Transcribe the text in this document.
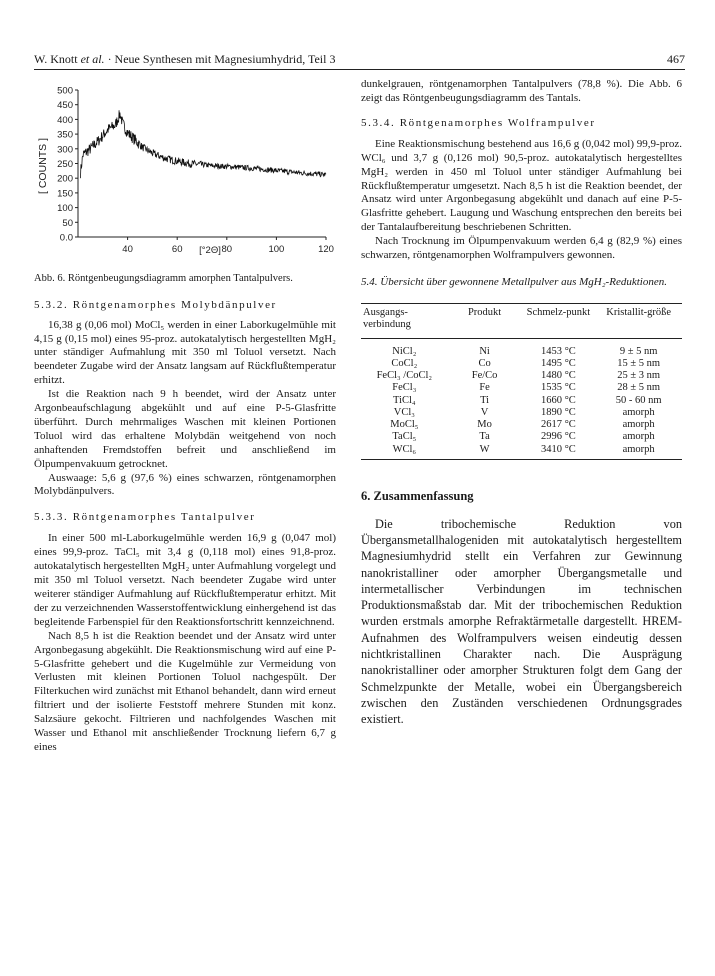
W. Knott et al. · Neue Synthesen mit Magnesiumhydrid, Teil 3	467
500
450
400
350
300
250
200
150
100
50
0.0
40	60	80	100	120
[ COUNTS ]
[°2Θ]

Abb. 6. Röntgenbeugungsdiagramm amorphen Tantalpulvers.

5.3.2. Röntgenamorphes Molybdänpulver

16,38 g (0,06 mol) MoCl₅ werden in einer Laborkugelmühle mit 4,15 g (0,15 mol) eines 95-proz. autokatalytisch hergestellten MgH₂ unter ständiger Aufmahlung mit 350 ml Toluol versetzt. Nach beendeter Zugabe wird der Ansatz langsam auf Rückflußtemperatur erhitzt.

Ist die Reaktion nach 9 h beendet, wird der Ansatz unter Argonbeaufschlagung abgekühlt und auf eine P-5-Glasfritte überführt. Durch mehrmaliges Waschen mit kleinen Portionen Toluol wird das erhaltene Molybdän weitgehend von noch anhaftenden Fremdstoffen befreit und anschließend im Ölpumpenvakuum getrocknet.

Auswaage: 5,6 g (97,6 %) eines schwarzen, röntgenamorphen Molybdänpulvers.

5.3.3. Röntgenamorphes Tantalpulver

In einer 500 ml-Laborkugelmühle werden 16,9 g (0,047 mol) eines 99,9-proz. TaCl₅ mit 3,4 g (0,118 mol) eines 91,8-proz. autokatalytisch hergestellten MgH₂ unter Aufmahlung vorgelegt und mit 350 ml Toluol versetzt. Nach beendeter Zugabe wird unter weiterer ständiger Aufmahlung auf Rückflußtemperatur erhitzt. Mit der zu verzeichnenden Wasserstoffentwicklung einhergehend ist das begleitende Farbenspiel für den Reaktionsfortschritt kennzeichnend.

Nach 8,5 h ist die Reaktion beendet und der Ansatz wird unter Argonbegasung abgekühlt. Die Reaktionsmischung wird auf eine P-5-Glasfritte gehebert und die Kugelmühle zur Vermeidung von Verlusten mit kleinen Portionen Toluol nachgespült. Der Filterkuchen wird zunächst mit Ethanol behandelt, dann wird erneut filtriert und der isolierte Feststoff mehrere Stunden mit konz. Salzsäure gekocht. Filtrieren und nachfolgendes Waschen mit Wasser und Ethanol mit anschließender Trocknung liefern 6,7 g eines

dunkelgrauen, röntgenamorphen Tantalpulvers (78,8 %). Die Abb. 6 zeigt das Röntgenbeugungsdiagramm des Tantals.

5.3.4. Röntgenamorphes Wolframpulver

Eine Reaktionsmischung bestehend aus 16,6 g (0,042 mol) 99,9-proz. WCl₆ und 3,7 g (0,126 mol) 90,5-proz. autokatalytisch hergestelltes MgH₂ werden in 450 ml Toluol unter ständiger Aufmahlung bei Rückflußtemperatur umgesetzt. Nach 8,5 h ist die Reaktion beendet, der Ansatz wird unter Argonbegasung abgekühlt und danach auf eine P-5-Glasfritte gehebert. Laugung und Waschung entsprechen den bereits bei der Tantalaufbereitung beschriebenen Schritten.

Nach Trocknung im Ölpumpenvakuum werden 6,4 g (82,9 %) eines schwarzen, röntgenamorphen Wolframpulvers gewonnen.

5.4. Übersicht über gewonnene Metallpulver aus MgH₂-Reduktionen.

Ausgangs-verbindung	Produkt	Schmelz-punkt	Kristallit-größe
NiCl₂	Ni	1453 °C	9 ± 5 nm
CoCl₂	Co	1495 °C	15 ± 5 nm
FeCl₃ /CoCl₂	Fe/Co	1480 °C	25 ± 3 nm
FeCl₃	Fe	1535 °C	28 ± 5 nm
TiCl₄	Ti	1660 °C	50 - 60 nm
VCl₃	V	1890 °C	amorph
MoCl₅	Mo	2617 °C	amorph
TaCl₅	Ta	2996 °C	amorph
WCl₆	W	3410 °C	amorph
6. Zusammenfassung

Die tribochemische Reduktion von Übergansmetallhalogeniden mit autokatalytisch hergestelltem Magnesiumhydrid stellt ein Verfahren zur Gewinnung nanokristalliner oder amorpher Übergangsmetalle und intermetallischer Verbindungen im technischen Produktionsmaßstab dar. Mit der tribochemischen Reduktion wurden erstmals amorphe Refraktärmetalle dargestellt. HREM-Aufnahmen des Wolframpulvers weisen eindeutig dessen nichtkristallinen Charakter nach. Die Ausprägung nanokristalliner oder amorpher Strukturen folgt dem Gang der Schmelzpunkte der Metalle, wobei ein Übergangsbereich zwischen den Zuständen verschiedenen Ordnungsgrades existiert.
